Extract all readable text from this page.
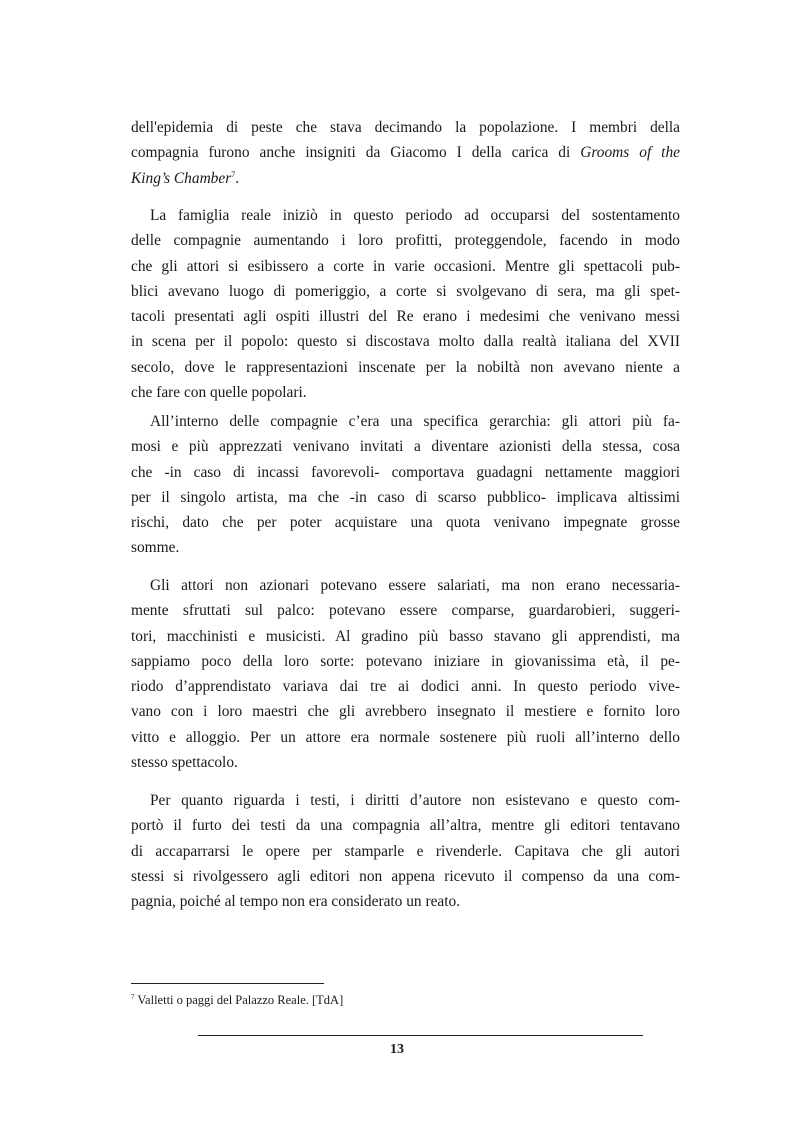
dell'epidemia di peste che stava decimando la popolazione. I membri della
compagnia furono anche insigniti da Giacomo I della carica di Grooms of the
King’s Chamber$^7$.
La famiglia reale iniziò in questo periodo ad occuparsi del sostentamento
delle compagnie aumentando i loro profitti, proteggendole, facendo in modo
che gli attori si esibissero a corte in varie occasioni. Mentre gli spettacoli pub-
blici avevano luogo di pomeriggio, a corte si svolgevano di sera, ma gli spet-
tacoli presentati agli ospiti illustri del Re erano i medesimi che venivano messi
in scena per il popolo: questo si discostava molto dalla realtà italiana del XVII
secolo, dove le rappresentazioni inscenate per la nobiltà non avevano niente a
che fare con quelle popolari.
All’interno delle compagnie c’era una specifica gerarchia: gli attori più fa-
mosi e più apprezzati venivano invitati a diventare azionisti della stessa, cosa
che -in caso di incassi favorevoli- comportava guadagni nettamente maggiori
per il singolo artista, ma che -in caso di scarso pubblico- implicava altissimi
rischi, dato che per poter acquistare una quota venivano impegnate grosse
somme.
Gli attori non azionari potevano essere salariati, ma non erano necessaria-
mente sfruttati sul palco: potevano essere comparse, guardarobieri, suggeri-
tori, macchinisti e musicisti. Al gradino più basso stavano gli apprendisti, ma
sappiamo poco della loro sorte: potevano iniziare in giovanissima età, il pe-
riodo d’apprendistato variava dai tre ai dodici anni. In questo periodo vive-
vano con i loro maestri che gli avrebbero insegnato il mestiere e fornito loro
vitto e alloggio. Per un attore era normale sostenere più ruoli all’interno dello
stesso spettacolo.
Per quanto riguarda i testi, i diritti d’autore non esistevano e questo com-
portò il furto dei testi da una compagnia all’altra, mentre gli editori tentavano
di accaparrarsi le opere per stamparle e rivenderle. Capitava che gli autori
stessi si rivolgessero agli editori non appena ricevuto il compenso da una com-
pagnia, poiché al tempo non era considerato un reato.
$^7$ Valletti o paggi del Palazzo Reale. [TdA]
13
